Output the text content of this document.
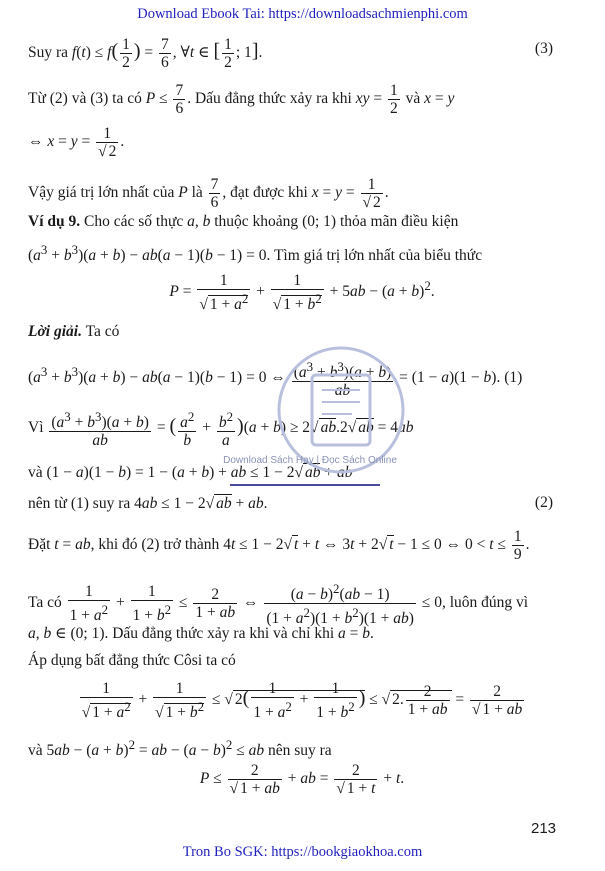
Download Ebook Tai: https://downloadsachmienphi.com
Suy ra $f(t) \le f( \frac{1}{2}$ ) = $\frac{7}{6}$ , ∀t ∈ [ $\frac{1}{2}$ ; 1].	(3)
Từ (2) và (3) ta có $P \le \frac{7}{6}$ . Dấu đẳng thức xảy ra khi xy = $\frac{1}{2}$ và x = y
⇔ $x = y = \frac{1}{√ 2}$ .
Vậy giá trị lớn nhất của P là $\frac{7}{6}$ , đạt được khi $x = y = \frac{1}{√ 2}$ .
Ví dụ 9. Cho các số thực a, b thuộc khoảng (0; 1) thỏa mãn điều kiện
$(a^3 + b^3)(a + b) - ab(a - 1)(b - 1) = 0$. Tìm giá trị lớn nhất của biểu thức
$P = \frac{1}{√ 1 + a^2} + \frac{1}{√ 1 + b^2} + 5ab - (a + b)^2$.
Lời giải. Ta có
$(a^3 + b^3)(a + b) - ab(a - 1)(b - 1) = 0$ ⇔ $\frac{(a^3 + b^3)(a + b)}{ab} = (1 - a)(1 - b)$. (1)
Vì $\frac{(a^3 + b^3)(a + b)}{ab}$ = ( $\frac{a^2}{b} + \frac{b^2}{a} )(a + b) \ge 2√$ ab.2√ ab = 4ab
và (1 − a)(1 − b) = 1 − (a + b) + ab ≤ 1 − 2√ ab + ab
nên từ (1) suy ra 4ab ≤ 1 − 2√ ab + ab.	(2)
Đặt t = ab, khi đó (2) trở thành 4t ≤ 1 − 2√ t + t ⇔ 3t + 2√ t − 1 ≤ 0 ⇔ $0 < t \le \frac{1}{9}$ .
Ta có $\frac{1}{1 + a^2} + \frac{1}{1 + b^2} \le \frac{2}{1 + ab}$ ⇔ $\frac{(a - b)^2(ab - 1)}{(1 + a^2)(1 + b^2)(1 + ab)} \le 0$, luôn đúng vì
a, b ∈ (0; 1). Dấu đẳng thức xảy ra khi và chỉ khi a = b.
Áp dụng bất đẳng thức Côsi ta có
$\frac{1}{√ 1 + a^2} + \frac{1}{√ 1 + b^2}$ ≤ √ $2( \frac{1}{1 + a^2} + \frac{1}{1 + b^2}$ ) ≤ √ 2. $\frac{2}{1 + ab} = \frac{2}{√ 1 + ab}$
và $5ab - (a + b)^2$ = ab − $(a - b)^2$ ≤ ab nên suy ra
$P \le \frac{2}{√ 1 + ab}$ + ab = $\frac{2}{√ 1 + t} + t$.
Download Sách Hay | Đọc Sách Online
213
Tron Bo SGK: https://bookgiaokhoa.com
